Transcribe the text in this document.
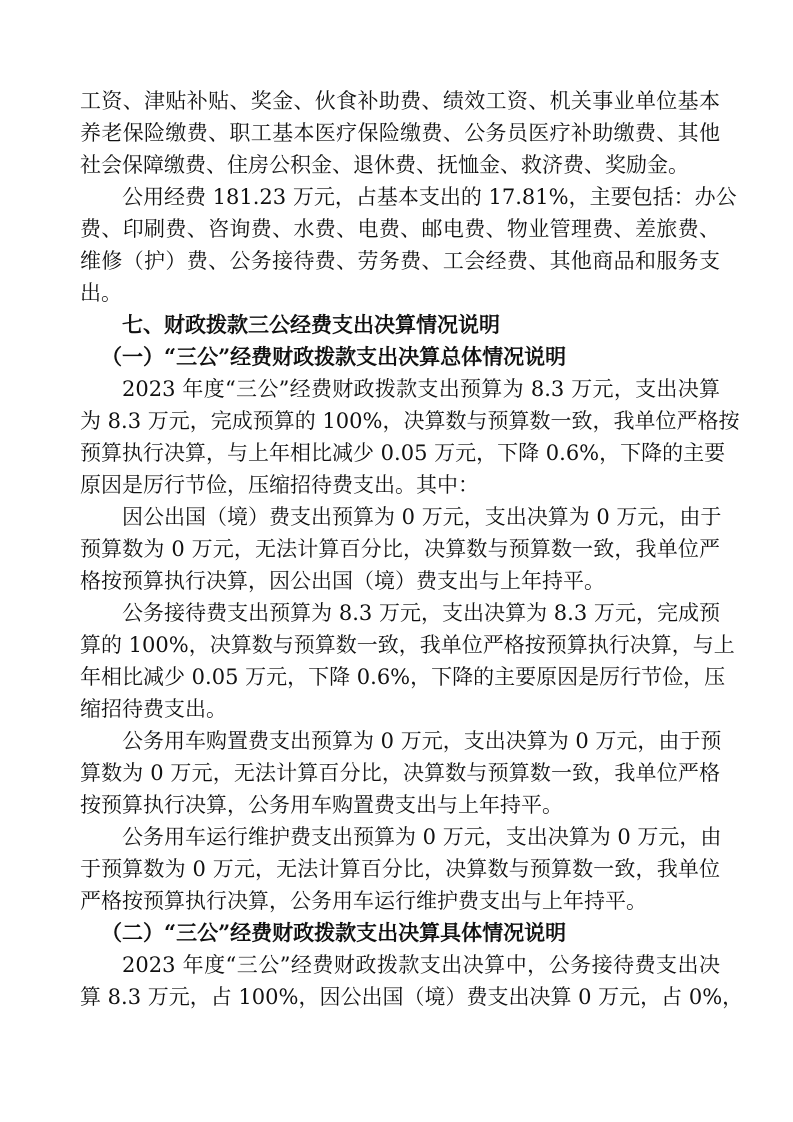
工资、津贴补贴、奖金、伙食补助费、绩效工资、机关事业单位基本
养老保险缴费、职工基本医疗保险缴费、公务员医疗补助缴费、其他
社会保障缴费、住房公积金、退休费、抚恤金、救济费、奖励金。
公用经费 181.23 万元，占基本支出的 17.81%，主要包括：办公
费、印刷费、咨询费、水费、电费、邮电费、物业管理费、差旅费、
维修（护）费、公务接待费、劳务费、工会经费、其他商品和服务支
出。
七、财政拨款三公经费支出决算情况说明
（一）“三公”经费财政拨款支出决算总体情况说明
2023 年度“三公”经费财政拨款支出预算为 8.3 万元，支出决算
为 8.3 万元，完成预算的 100%，决算数与预算数一致，我单位严格按
预算执行决算，与上年相比减少 0.05 万元，下降 0.6%，下降的主要
原因是厉行节俭，压缩招待费支出。其中：
因公出国（境）费支出预算为 0 万元，支出决算为 0 万元，由于
预算数为 0 万元，无法计算百分比，决算数与预算数一致，我单位严
格按预算执行决算，因公出国（境）费支出与上年持平。
公务接待费支出预算为 8.3 万元，支出决算为 8.3 万元，完成预
算的 100%，决算数与预算数一致，我单位严格按预算执行决算，与上
年相比减少 0.05 万元，下降 0.6%，下降的主要原因是厉行节俭，压
缩招待费支出。
公务用车购置费支出预算为 0 万元，支出决算为 0 万元，由于预
算数为 0 万元，无法计算百分比，决算数与预算数一致，我单位严格
按预算执行决算，公务用车购置费支出与上年持平。
公务用车运行维护费支出预算为 0 万元，支出决算为 0 万元，由
于预算数为 0 万元，无法计算百分比，决算数与预算数一致，我单位
严格按预算执行决算，公务用车运行维护费支出与上年持平。
（二）“三公”经费财政拨款支出决算具体情况说明
2023 年度“三公”经费财政拨款支出决算中，公务接待费支出决
算 8.3 万元，占 100%，因公出国（境）费支出决算 0 万元，占 0%，
